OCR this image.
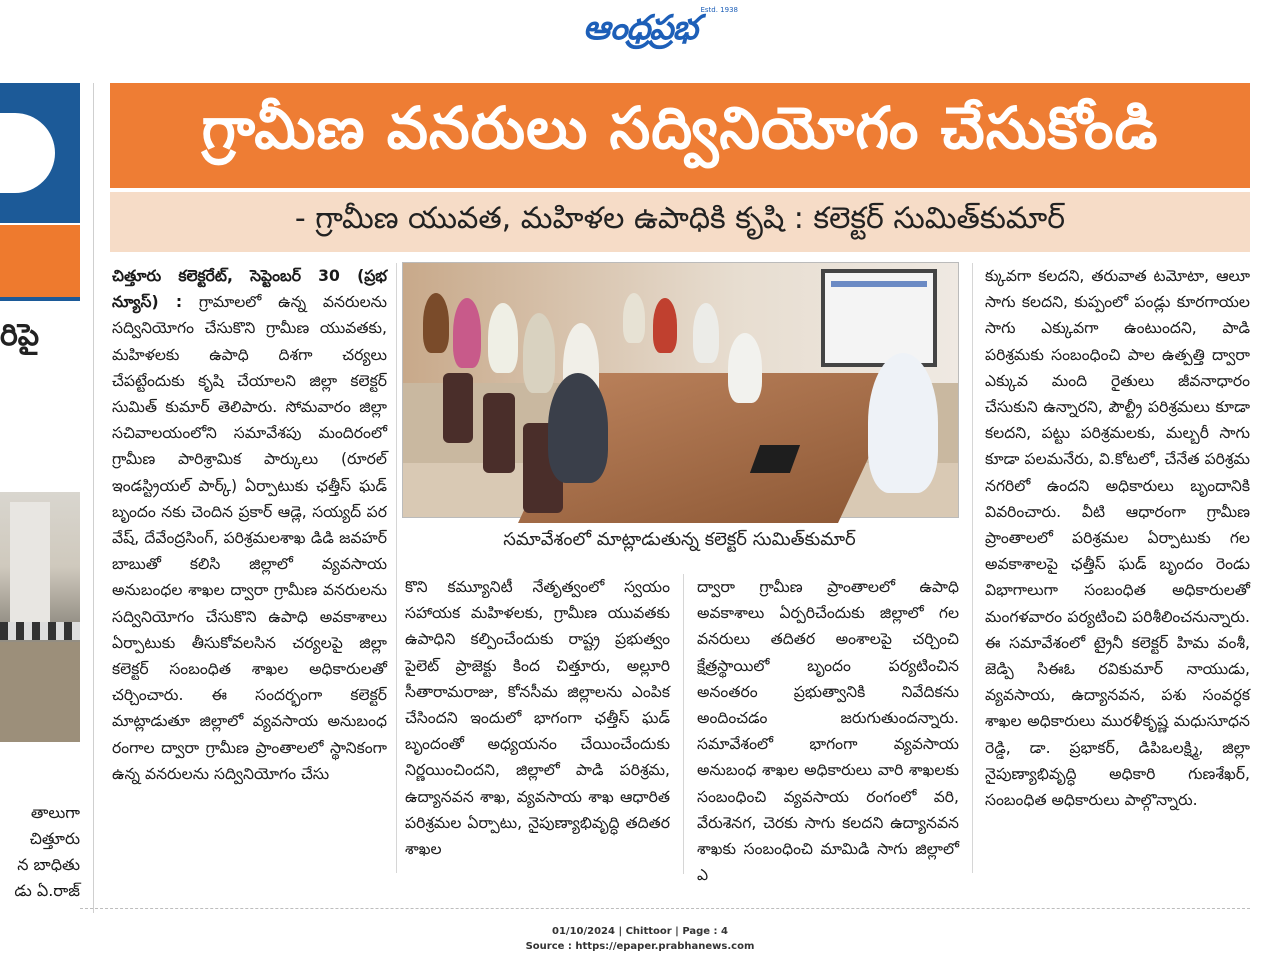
ఆంధ్రప్రభ Estd. 1938
రిపై
తాలుగా
చిత్తూరు
న బాధితు
డు ఏ.రాజ్
గ్రామీణ వనరులు సద్వినియోగం చేసుకోండి
- గ్రామీణ యువత, మహిళల ఉపాధికి కృషి : కలెక్టర్ సుమిత్‌కుమార్

చిత్తూరు కలెక్టరేట్, సెప్టెంబర్ 30 (ప్రభ న్యూస్) : గ్రామాలలో ఉన్న వనరులను సద్వినియోగం చేసుకొని గ్రామీణ యువతకు, మహిళలకు ఉపాధి దిశగా చర్యలు చేపట్టేందుకు కృషి చేయాలని జిల్లా కలెక్టర్ సుమిత్ కుమార్ తెలిపారు. సోమవారం జిల్లా సచివాలయంలోని సమావేశపు మందిరంలో గ్రామీణ పారిశ్రామిక పార్కులు (రూరల్ ఇండస్ట్రియల్ పార్క్) ఏర్పాటుకు ఛత్తీస్ ఘడ్ బృందం నకు చెందిన ప్రకార్ ఆడ్లె, సయ్యద్ పర వేష్, దేవేంద్రసింగ్, పరిశ్రమలశాఖ డిడి జవహర్ బాబుతో కలిసి జిల్లాలో వ్యవసాయ అనుబంధల శాఖల ద్వారా గ్రామీణ వనరులను సద్వినియోగం చేసుకొని ఉపాధి అవకాశాలు ఏర్పాటుకు తీసుకోవలసిన చర్యలపై జిల్లా కలెక్టర్ సంబంధిత శాఖల అధికారులతో చర్చించారు. ఈ సందర్భంగా కలెక్టర్ మాట్లాడుతూ జిల్లాలో వ్యవసాయ అనుబంధ రంగాల ద్వారా గ్రామీణ ప్రాంతాలలో స్థానికంగా ఉన్న వనరులను సద్వినియోగం చేసు

సమావేశంలో మాట్లాడుతున్న కలెక్టర్ సుమిత్‌కుమార్

కొని కమ్యూనిటీ నేతృత్వంలో స్వయం సహాయక మహిళలకు, గ్రామీణ యువతకు ఉపాధిని కల్పించేందుకు రాష్ట్ర ప్రభుత్వం పైలెట్ ప్రాజెక్టు కింద చిత్తూరు, అల్లూరి సీతారామరాజు, కోనసీమ జిల్లాలను ఎంపిక చేసిందని ఇందులో భాగంగా ఛత్తీస్ ఘడ్ బృందంతో అధ్యయనం చేయించేందుకు నిర్ణయించిందని, జిల్లాలో పాడి పరిశ్రమ, ఉద్యానవన శాఖ, వ్యవసాయ శాఖ ఆధారిత పరిశ్రమల ఏర్పాటు, నైపుణ్యాభివృద్ధి తదితర శాఖల

ద్వారా గ్రామీణ ప్రాంతాలలో ఉపాధి అవకాశాలు ఏర్పరిచేందుకు జిల్లాలో గల వనరులు తదితర అంశాలపై చర్చించి క్షేత్రస్థాయిలో బృందం పర్యటించిన అనంతరం ప్రభుత్వానికి నివేదికను అందించడం జరుగుతుందన్నారు. సమావేశంలో భాగంగా వ్యవసాయ అనుబంధ శాఖల అధికారులు వారి శాఖలకు సంబంధించి వ్యవసాయ రంగంలో వరి, వేరుశెనగ, చెరకు సాగు కలదని ఉద్యానవన శాఖకు సంబంధించి మామిడి సాగు జిల్లాలో ఎ

క్కువగా కలదని, తరువాత టమోటా, ఆలూ సాగు కలదని, కుప్పంలో పండ్లు కూరగాయల సాగు ఎక్కువగా ఉంటుందని, పాడి పరిశ్రమకు సంబంధించి పాల ఉత్పత్తి ద్వారా ఎక్కువ మంది రైతులు జీవనాధారం చేసుకుని ఉన్నారని, పౌల్ట్రీ పరిశ్రమలు కూడా కలదని, పట్టు పరిశ్రమలకు, మల్బరీ సాగు కూడా పలమనేరు, వి.కోటలో, చేనేత పరిశ్రమ నగరిలో ఉందని అధికారులు బృందానికి వివరించారు. వీటి ఆధారంగా గ్రామీణ ప్రాంతాలలో పరిశ్రమల ఏర్పాటుకు గల అవకాశాలపై ఛత్తీస్ ఘడ్ బృందం రెండు విభాగాలుగా సంబంధిత అధికారులతో మంగళవారం పర్యటించి పరిశీలించనున్నారు. ఈ సమావేశంలో ట్రైనీ కలెక్టర్ హిమ వంశీ, జెడ్పి సిఈఓ రవికుమార్ నాయుడు, వ్యవసాయ, ఉద్యానవన, పశు సంవర్ధక శాఖల అధికారులు మురళీకృష్ణ మధుసూధన రెడ్డి, డా. ప్రభాకర్, డిపిఒలక్ష్మి, జిల్లా నైపుణ్యాభివృద్ధి అధికారి గుణశేఖర్, సంబంధిత అధికారులు పాల్గొన్నారు.

01/10/2024 | Chittoor | Page : 4
Source : https://epaper.prabhanews.com
